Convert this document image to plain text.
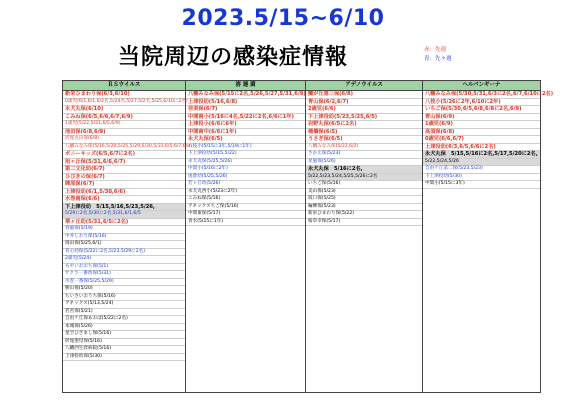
2023.5/15~6/10
当院周辺の感染症情報	赤：先週
青：先々週
ＲＳウイルス
新栄ひまわり保(6/3,6/10)
0歳児(6/1,6/1,6/2名,5/24名,5/27,5/2名,5/25,6/10に2名)
永犬丸保(6/10)
こみね保(6/5,6/6,6/7,6/9)
1歳児(5/22,5/31,6/5,6/9)
池田保(6/8,6/9)
折尾丸山保(6/8)
八幡みなみ保(5/16,5/20,5/25,5/29,5/30,5/31,6/5,6/7,6/8)
ポニーキッズ(6/5,6/7に2名)
旭ヶ丘保(5/31,6/6,6/7)
第二文化幼(6/7)
ひびきの保(6/7)
陣原保(6/7)
上津役幼(6/1,5/30,6/6)
水巻南保(6/6)
下上津役幼　5/15,5/16,5/23,5/26,
5/29に2名,5/30に2名,5/31,6/1,6/5
華ヶ丘幼(5/31,6/5に2名)
春風保(5/19)
中井しおり保(5/16)
岡田保(5/25,6/1)
育心幼保(5/22に2名,5/23,5/29に2名)
2歳児(5/24)
もやいおおち保(5/1)
サクラ一番幼保(5/31)
水巻一番保(5/25,5/29)
勝山保(5/20)
ちいさいおうち保(5/16)
アネックス(5/13,5/24)
若宮保(5/21)
自由ケ丘保あおば(5/22に2名)
本城保(5/26)
星空ひざまし保(5/16)
折尾聖母保(5/16)
八幡西生涯病院(5/16)
上津役幼保(5/30)
溶 連 菌
八幡みなみ保(5/15に2名,5/26,5/27,5/31,6/9)
上津役幼(5/16,6/8)
奈美保(6/7)
中間南小(5/16に4名,5/22に2名,6/6に1年)
上津役小(6/6に6年)
中間南中(6/6に1年)
永犬丸保(6/5)
八枝小(5/15に3年,5/19に1年)
下上津役幼(5/15,5/22)
永犬丸保(5/25,5/26)
中間小(5/16に2年)
尾倉幼(5/25,5/26)
若ヶ丘幼(5/26)
永犬丸西小(5/23に2年)
こみね保(5/16)
アネックスちご保(5/16)
中間東保(5/17)
青水(5/15に1年)
アデノウイルス
蘭が丘第三保(6/8)
青山保(6/2,6/7)
2歳児(6/6)
下上津役幼(5/23,5/25,6/5)
岩野丸保(6/5に2名)
桶橋保(6/5)
うさぎ保(6/5)
八幡みなみ保(5/22,6/2)
さかえ保(5/23)
星風保(5/26)
永犬丸保　5/16に2名,
5/22,5/23,5/24,5/25,5/26に2名
いちご保(5/16)
美山保(5/23)
坂口保(5/25)
輪柳保(5/23)
新栄ひまわり保(5/22)
桜草幸保(5/17)
ヘルパンギーナ
八幡みなみ保(5/30,5/31,6/3に2名,6/7,6/10に2名)
八枝小(5/26に2年,6/10に2年)
いちご保(5/30,6/5,6/8,6/8に2名,6/9)
青山保(6/9)
1歳児(6/9)
高須保(6/8)
0歳児(6/6,6/7)
上津役幼(6/3,6/5,6/6に2名)
永犬丸保　5/15,5/16に2名,5/17,5/20に2名,
5/22,5/24,5/26
自由ケ丘第二保(5/23,5/23)
下上津役幼(5/30)
中間小(5/15に3年)
